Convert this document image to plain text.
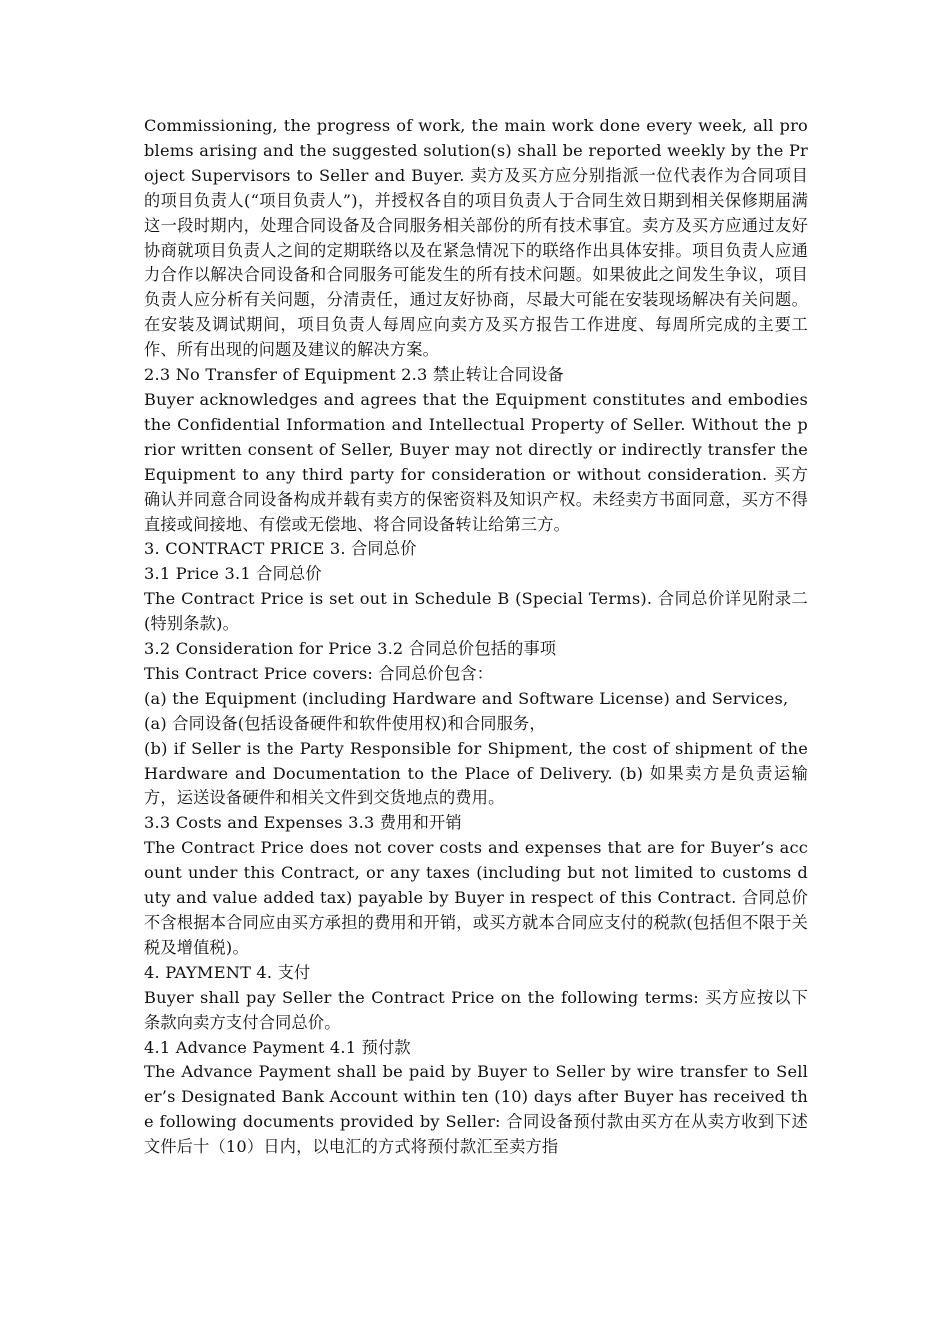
Commissioning, the progress of work, the main work done every week, all problems arising and the suggested solution(s) shall be reported weekly by the Project Supervisors to Seller and Buyer. 卖方及买方应分别指派一位代表作为合同项目的项目负责人(“项目负责人”)，并授权各自的项目负责人于合同生效日期到相关保修期届满这一段时期内，处理合同设备及合同服务相关部份的所有技术事宜。卖方及买方应通过友好协商就项目负责人之间的定期联络以及在紧急情况下的联络作出具体安排。项目负责人应通力合作以解决合同设备和合同服务可能发生的所有技术问题。如果彼此之间发生争议，项目负责人应分析有关问题，分清责任，通过友好协商，尽最大可能在安装现场解决有关问题。在安装及调试期间，项目负责人每周应向卖方及买方报告工作进度、每周所完成的主要工作、所有出现的问题及建议的解决方案。

2.3 No Transfer of Equipment 2.3 禁止转让合同设备

Buyer acknowledges and agrees that the Equipment constitutes and embodies the Confidential Information and Intellectual Property of Seller. Without the prior written consent of Seller, Buyer may not directly or indirectly transfer the Equipment to any third party for consideration or without consideration. 买方确认并同意合同设备构成并载有卖方的保密资料及知识产权。未经卖方书面同意，买方不得直接或间接地、有偿或无偿地、将合同设备转让给第三方。

3. CONTRACT PRICE 3. 合同总价

3.1 Price 3.1 合同总价

The Contract Price is set out in Schedule B (Special Terms). 合同总价详见附录二(特别条款)。

3.2 Consideration for Price 3.2 合同总价包括的事项

This Contract Price covers: 合同总价包含：

(a) the Equipment (including Hardware and Software License) and Services,

(a) 合同设备(包括设备硬件和软件使用权)和合同服务，

(b) if Seller is the Party Responsible for Shipment, the cost of shipment of the Hardware and Documentation to the Place of Delivery. (b) 如果卖方是负责运输方，运送设备硬件和相关文件到交货地点的费用。

3.3 Costs and Expenses 3.3 费用和开销

The Contract Price does not cover costs and expenses that are for Buyer’s account under this Contract, or any taxes (including but not limited to customs duty and value added tax) payable by Buyer in respect of this Contract. 合同总价不含根据本合同应由买方承担的费用和开销，或买方就本合同应支付的税款(包括但不限于关税及增值税)。

4. PAYMENT 4. 支付

Buyer shall pay Seller the Contract Price on the following terms: 买方应按以下条款向卖方支付合同总价。

4.1 Advance Payment 4.1 预付款

The Advance Payment shall be paid by Buyer to Seller by wire transfer to Seller’s Designated Bank Account within ten (10) days after Buyer has received the following documents provided by Seller: 合同设备预付款由买方在从卖方收到下述文件后十（10）日内，以电汇的方式将预付款汇至卖方指
